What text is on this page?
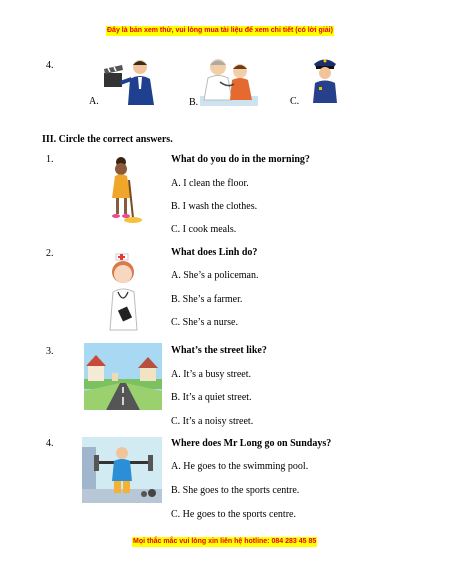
Đây là bản xem thử, vui lòng mua tài liệu để xem chi tiết (có lời giải)
4.
A.	B.	C.
III. Circle the correct answers.
1.	What do you do in the morning?
A. I clean the floor.
B. I wash the clothes.
C. I cook meals.
2.	What does Linh do?
A. She’s a policeman.
B. She’s a farmer.
C. She’s a nurse.
3.	What’s the street like?
A. It’s a busy street.
B. It’s a quiet street.
C. It’s a noisy street.
4.	Where does Mr Long go on Sundays?
A. He goes to the swimming pool.
B. She goes to the sports centre.
C. He goes to the sports centre.
Mọi thắc mắc vui lòng xin liên hệ hotline: 084 283 45 85
